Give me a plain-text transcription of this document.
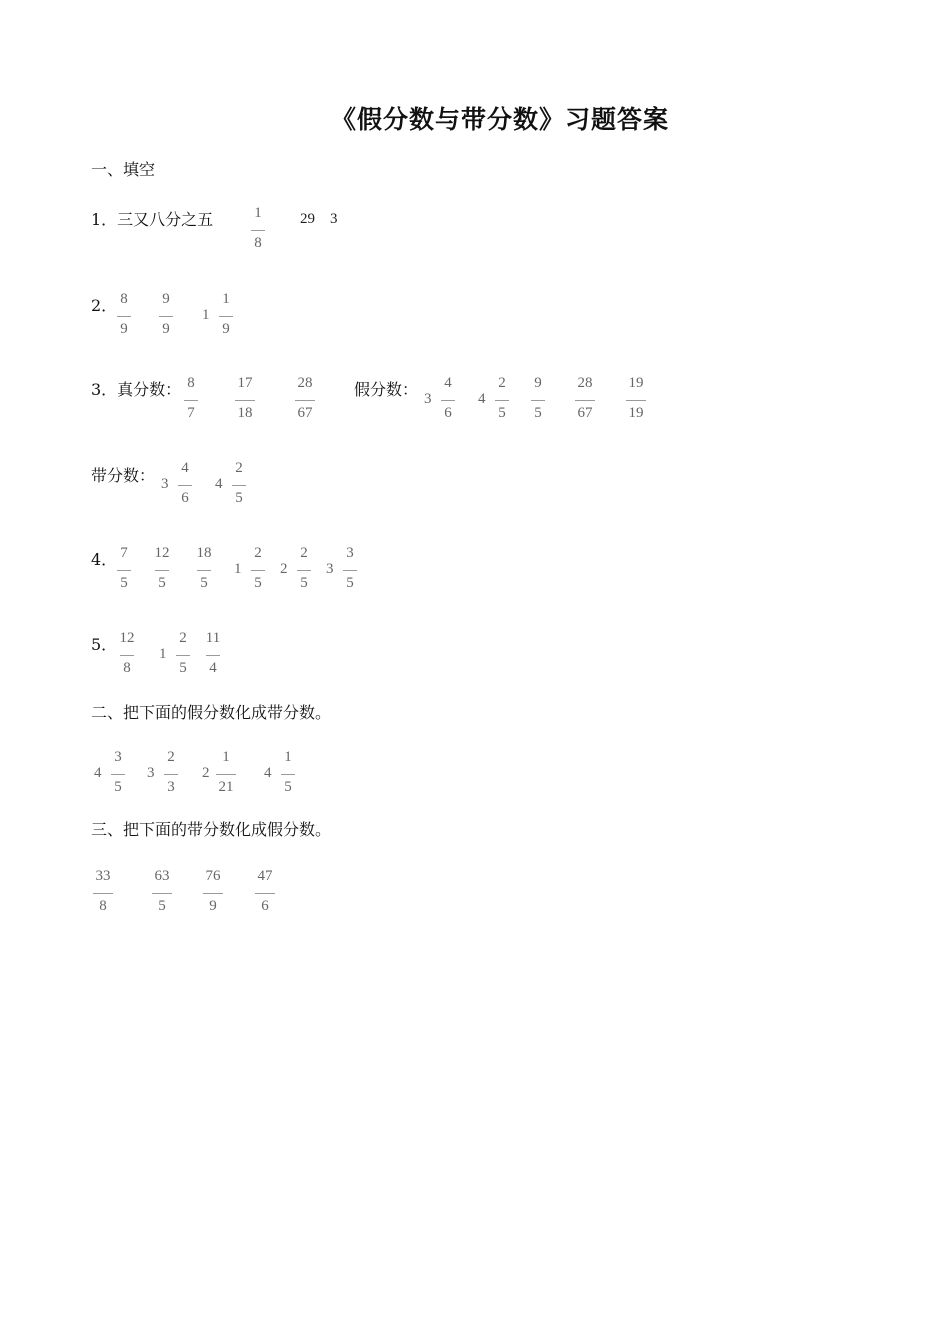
《假分数与带分数》习题答案
一、填空
1．三又八分之五	1
8
29 3
2． 8
9
9
9
1
1
9
3．真分数： 8
7
17
18
28
67
假分数： 3
4
6
4
2
5
9
5
28
67
19
19
带分数： 3
4
6
4
2
5
4． 7
5
12
5
18
5
1
2
5
2
2
5
3
3
5
5． 12
8
1
2
5
11
4
二、把下面的假分数化成带分数。
4
3
5
3
2
3
2
1
21
4
1
5
三、把下面的带分数化成假分数。
33
8
63
5
76
9
47
6
